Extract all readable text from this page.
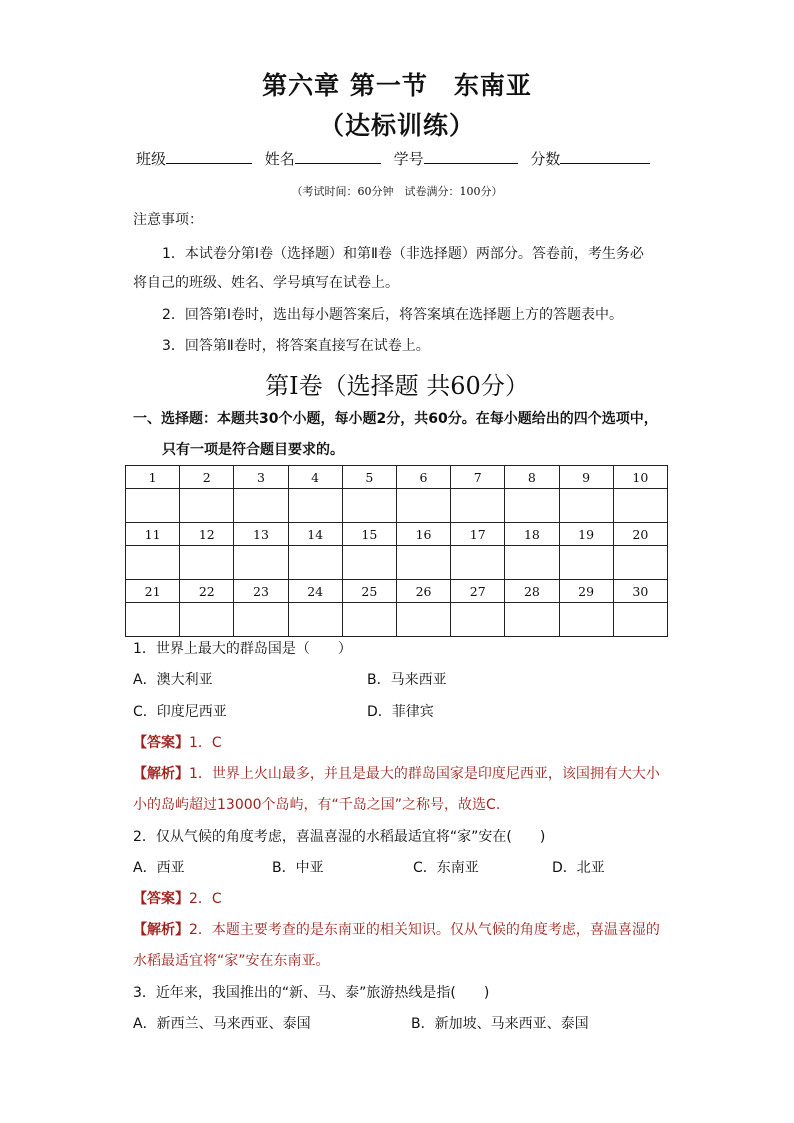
第六章 第一节　东南亚
（达标训练）
班级	姓名	学号	分数
（考试时间：60分钟　试卷满分：100分）
注意事项：
1．本试卷分第Ⅰ卷（选择题）和第Ⅱ卷（非选择题）两部分。答卷前，考生务必
将自己的班级、姓名、学号填写在试卷上。
2．回答第Ⅰ卷时，选出每小题答案后，将答案填在选择题上方的答题表中。
3．回答第Ⅱ卷时，将答案直接写在试卷上。
第Ⅰ卷（选择题 共60分）
一、选择题：本题共30个小题，每小题2分，共60分。在每小题给出的四个选项中，
只有一项是符合题目要求的。
1	2	3	4	5	6	7	8	9	10

11	12	13	14	15	16	17	18	19	20

21	22	23	24	25	26	27	28	29	30

1．世界上最大的群岛国是（　　）
A．澳大利亚	B．马来西亚
C．印度尼西亚	D．菲律宾
【答案】1．C
【解析】1．世界上火山最多，并且是最大的群岛国家是印度尼西亚，该国拥有大大小
小的岛屿超过13000个岛屿，有“千岛之国”之称号，故选C.
2．仅从气候的角度考虑，喜温喜湿的水稻最适宜将“家”安在(　　)
A．西亚	B．中亚	C．东南亚	D．北亚
【答案】2．C
【解析】2．本题主要考查的是东南亚的相关知识。仅从气候的角度考虑，喜温喜湿的
水稻最适宜将“家”安在东南亚。
3．近年来，我国推出的“新、马、泰”旅游热线是指(　　)
A．新西兰、马来西亚、泰国	B．新加坡、马来西亚、泰国
